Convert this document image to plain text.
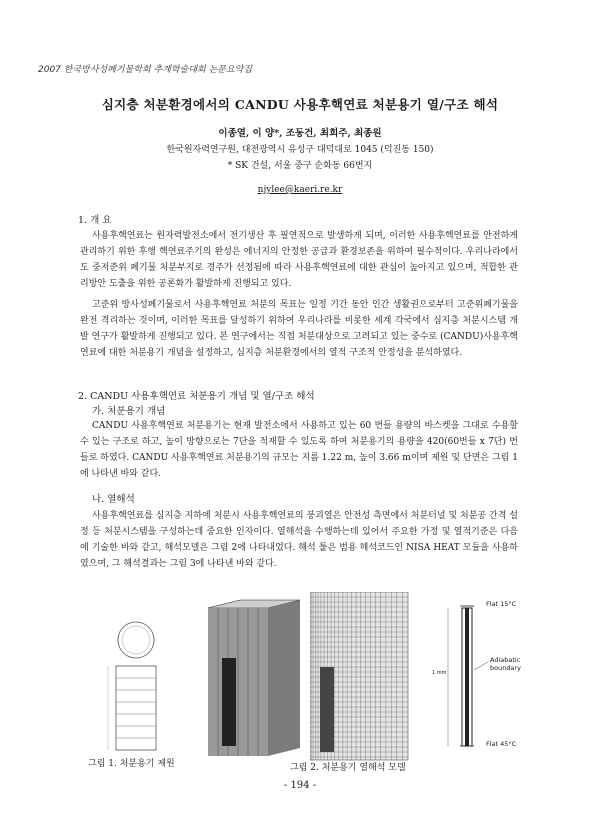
2007 한국방사성폐기물학회 추계학술대회 논문요약집
심지층 처분환경에서의 CANDU 사용후핵연료 처분용기 열/구조 해석
이종열, 이 양*, 조동건, 최희주, 최종원
한국원자력연구원, 대전광역시 유성구 대덕대로 1045 (덕진동 150)
* SK 건설, 서울 중구 순화동 66번지
njylee@kaeri.re.kr
1. 개 요
사용후핵연료는 원자력발전소에서 전기생산 후 필연적으로 발생하게 되며, 이러한 사용후핵연료를 안전하게 관리하기 위한 후행 핵연료주기의 완성은 에너지의 안정한 공급과 환경보존을 위하여 필수적이다. 우리나라에서도 중저준위 폐기물 처분부지로 경주가 선정됨에 따라 사용후핵연료에 대한 관심이 높아지고 있으며, 적합한 관리방안 도출을 위한 공론화가 활발하게 진행되고 있다.
고준위 방사성폐기물로서 사용후핵연료 처분의 목표는 일정 기간 동안 인간 생활권으로부터 고준위폐기물을 완전 격리하는 것이며, 이러한 목표를 달성하기 위하여 우리나라를 비롯한 세계 각국에서 심지층 처분시스템 개발 연구가 활발하게 진행되고 있다. 본 연구에서는 직접 처분대상으로 고려되고 있는 중수로 (CANDU)사용후핵연료에 대한 처분용기 개념을 설정하고, 심지층 처분환경에서의 열적 구조적 안정성을 분석하였다.
2. CANDU 사용후핵연료 처분용기 개념 및 열/구조 해석
가. 처분용기 개념
CANDU 사용후핵연료 처분용기는 현재 발전소에서 사용하고 있는 60 번들 용량의 바스켓을 그대로 수용할 수 있는 구조로 하고, 높이 방향으로는 7단을 적재할 수 있도록 하여 처분용기의 용량을 420(60번들 x 7단) 번들로 하였다. CANDU 사용후핵연료 처분용기의 규모는 지름 1.22 m, 높이 3.66 m이며 제원 및 단면은 그림 1에 나타낸 바와 같다.
나. 열해석
사용후핵연료를 심지층 지하에 처분시 사용후핵연료의 붕괴열은 안전성 측면에서 처분터널 및 처분공 간격 설정 등 처분시스템을 구성하는데 중요한 인자이다. 열해석을 수행하는데 있어서 주요한 가정 및 열적기준은 다음에 기술한 바와 같고, 해석모델은 그림 2에 나타내었다. 해석 툴은 범용 해석코드인 NISA HEAT 모듈을 사용하였으며, 그 해석결과는 그림 3에 나타낸 바와 같다.
Flat 15°C
Adiabatic boundary
Flat 45°C
1 mm
그림 1. 처분용기 제원	그림 2. 처분용기 열해석 모델
- 194 -
